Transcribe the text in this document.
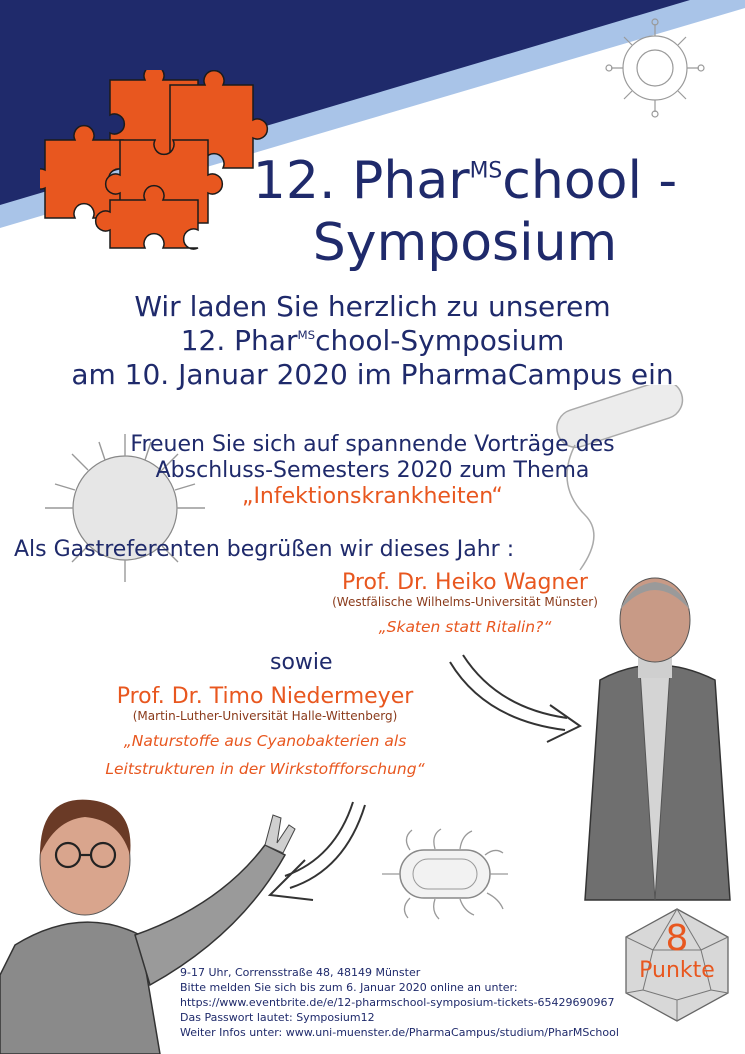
12. Phar$^{MS}$chool -
Symposium
Wir laden Sie herzlich zu unserem
12. Phar$^{MS}$chool-Symposium
am 10. Januar 2020 im PharmaCampus ein
Freuen Sie sich auf spannende Vorträge des
Abschluss-Semesters 2020 zum Thema
„Infektionskrankheiten“
Als Gastreferenten begrüßen wir dieses Jahr :
Prof. Dr. Heiko Wagner
(Westfälische Wilhelms-Universität Münster)
„Skaten statt Ritalin?“
sowie
Prof. Dr. Timo Niedermeyer
(Martin-Luther-Universität Halle-Wittenberg)
„Naturstoffe aus Cyanobakterien als
Leitstrukturen in der Wirkstoffforschung“
8
Punkte
9-17 Uhr, Corrensstraße 48, 48149 Münster
Bitte melden Sie sich bis zum 6. Januar 2020 online an unter:
https://www.eventbrite.de/e/12-pharmschool-symposium-tickets-65429690967
Das Passwort lautet: Symposium12
Weiter Infos unter: www.uni-muenster.de/PharmaCampus/studium/PharMSchool
